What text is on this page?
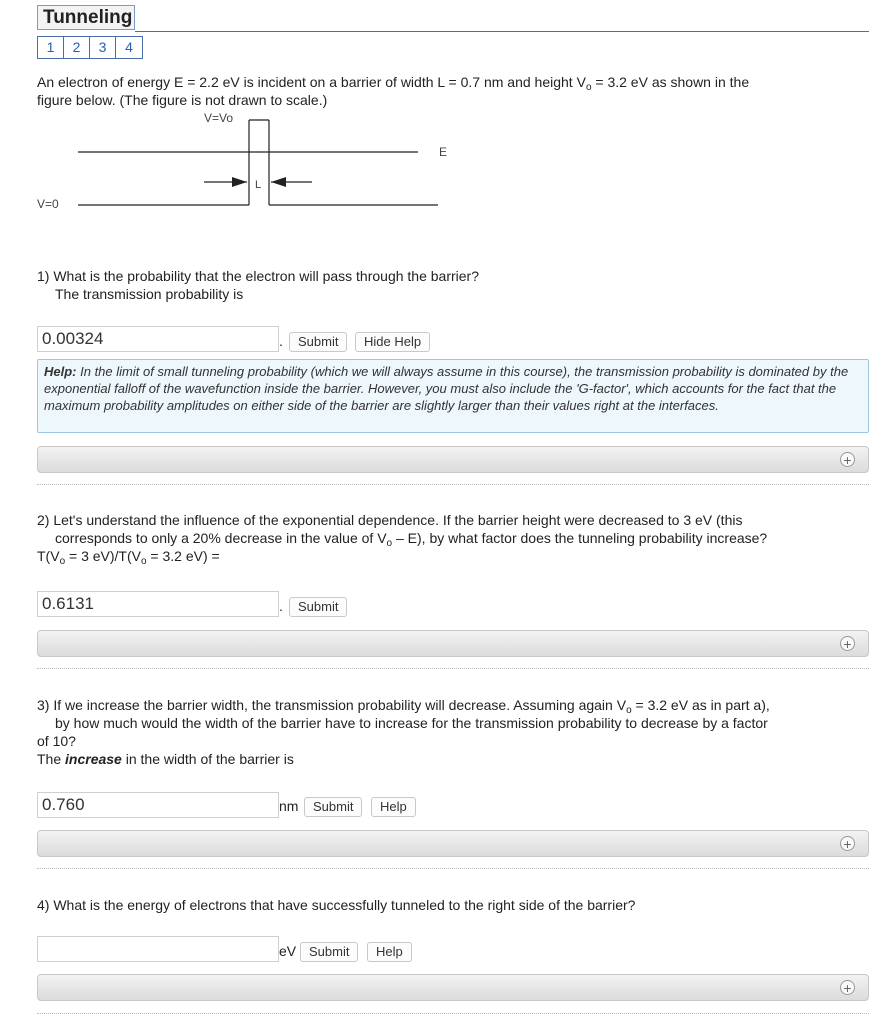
Tunneling
1	2	3	4
An electron of energy E = 2.2 eV is incident on a barrier of width L = 0.7 nm and height $V_o = 3.2$ eV as shown in the
figure below. (The figure is not drawn to scale.)
V=Vo
E
L
V=0
1) What is the probability that the electron will pass through the barrier?
The transmission probability is
0.00324
.	Submit	Hide Help
Help: In the limit of small tunneling probability (which we will always assume in this course), the transmission probability is dominated by the exponential falloff of the wavefunction inside the barrier. However, you must also include the 'G-factor', which accounts for the fact that the maximum probability amplitudes on either side of the barrier are slightly larger than their values right at the interfaces.
+
2) Let's understand the influence of the exponential dependence. If the barrier height were decreased to 3 eV (this
corresponds to only a 20% decrease in the value of $V_o - E$), by what factor does the tunneling probability increase?
$T(V_o = 3$ $eV)/T(V_o = 3.2$ eV) =
0.6131
.	Submit
+
3) If we increase the barrier width, the transmission probability will decrease. Assuming again $V_o = 3.2$ eV as in part a),
by how much would the width of the barrier have to increase for the transmission probability to decrease by a factor
of 10?
The increase in the width of the barrier is
0.760
nm	Submit	Help
+
4) What is the energy of electrons that have successfully tunneled to the right side of the barrier?
eV Submit	Help
+
